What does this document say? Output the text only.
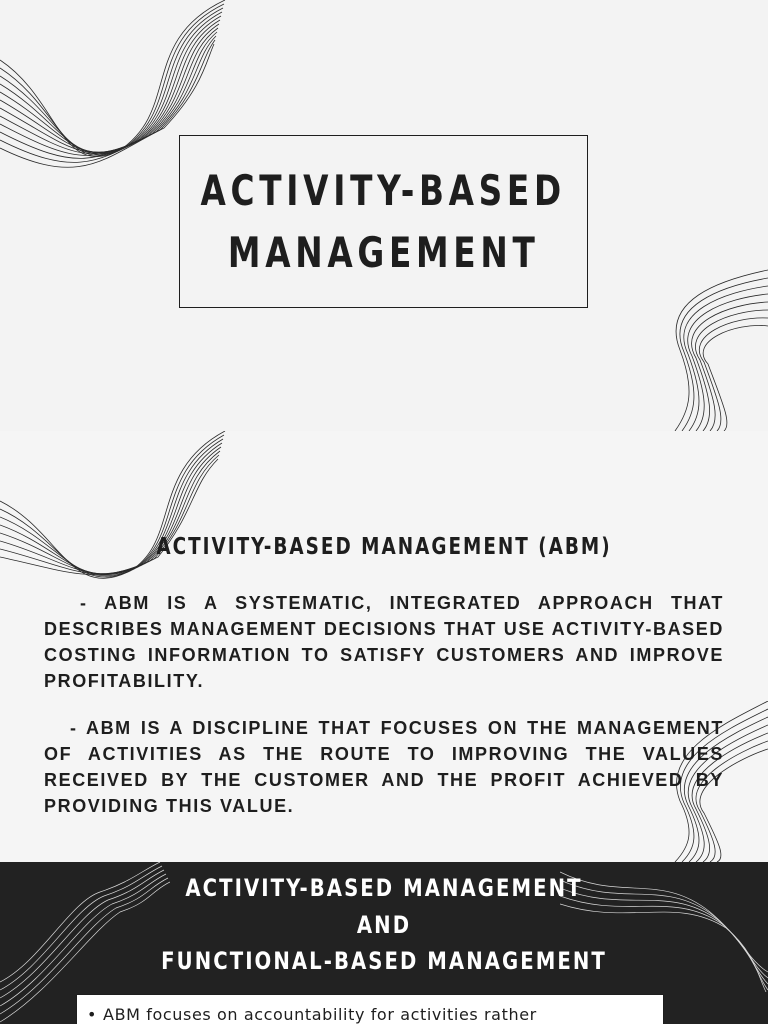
ACTIVITY-BASED
MANAGEMENT
ACTIVITY-BASED MANAGEMENT (ABM)

- ABM IS A SYSTEMATIC, INTEGRATED APPROACH THAT DESCRIBES MANAGEMENT DECISIONS THAT USE ACTIVITY-BASED COSTING INFORMATION TO SATISFY CUSTOMERS AND IMPROVE PROFITABILITY.

- ABM IS A DISCIPLINE THAT FOCUSES ON THE MANAGEMENT OF ACTIVITIES AS THE ROUTE TO IMPROVING THE VALUES RECEIVED BY THE CUSTOMER AND THE PROFIT ACHIEVED BY PROVIDING THIS VALUE.

ACTIVITY-BASED MANAGEMENT
AND
FUNCTIONAL-BASED MANAGEMENT
• ABM focuses on accountability for activities rather
